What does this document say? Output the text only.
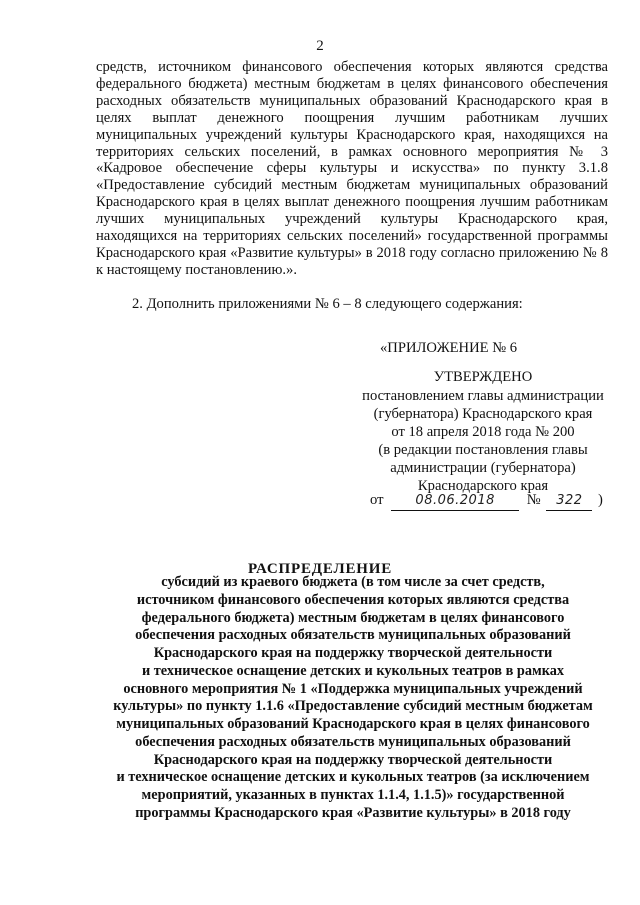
2

средств, источником финансового обеспечения которых являются средства федерального бюджета) местным бюджетам в целях финансового обеспечения расходных обязательств муниципальных образований Краснодарского края в целях выплат денежного поощрения лучшим работникам лучших муниципальных учреждений культуры Краснодарского края, находящихся на территориях сельских поселений, в рамках основного мероприятия № 3 «Кадровое обеспечение сферы культуры и искусства» по пункту 3.1.8 «Предоставление субсидий местным бюджетам муниципальных образований Краснодарского края в целях выплат денежного поощрения лучшим работникам лучших муниципальных учреждений культуры Краснодарского края, находящихся на территориях сельских поселений» государственной программы Краснодарского края «Развитие культуры» в 2018 году согласно приложению № 8 к настоящему постановлению.».

2. Дополнить приложениями № 6 – 8 следующего содержания:

«ПРИЛОЖЕНИЕ № 6
УТВЕРЖДЕНО
постановлением главы администрации
(губернатора) Краснодарского края
от 18 апреля 2018 года № 200
(в редакции постановления главы
администрации (губернатора)
Краснодарского края
от 08.06.2018 № 322 )
РАСПРЕДЕЛЕНИЕ
субсидий из краевого бюджета (в том числе за счет средств,
источником финансового обеспечения которых являются средства
федерального бюджета) местным бюджетам в целях финансового
обеспечения расходных обязательств муниципальных образований
Краснодарского края на поддержку творческой деятельности
и техническое оснащение детских и кукольных театров в рамках
основного мероприятия № 1 «Поддержка муниципальных учреждений
культуры» по пункту 1.1.6 «Предоставление субсидий местным бюджетам
муниципальных образований Краснодарского края в целях финансового
обеспечения расходных обязательств муниципальных образований
Краснодарского края на поддержку творческой деятельности
и техническое оснащение детских и кукольных театров (за исключением
мероприятий, указанных в пунктах 1.1.4, 1.1.5)» государственной
программы Краснодарского края «Развитие культуры» в 2018 году
